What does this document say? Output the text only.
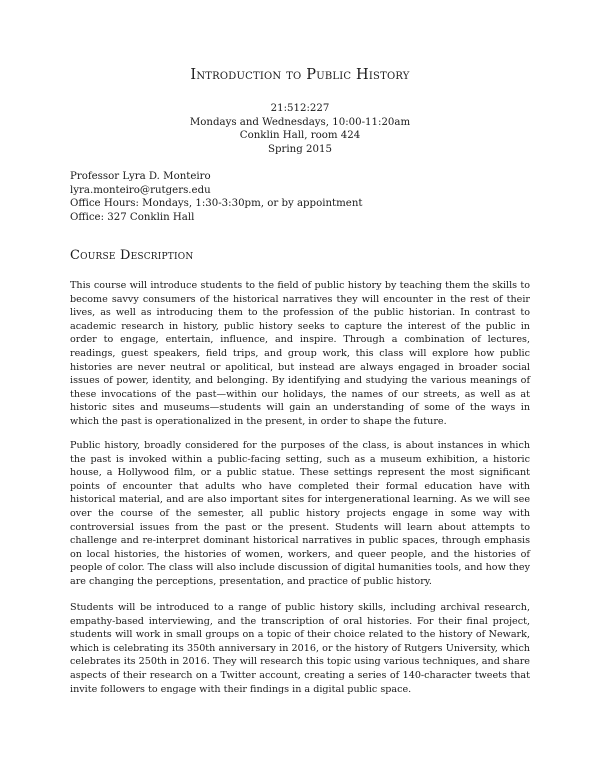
Introduction to Public History
21:512:227
Mondays and Wednesdays, 10:00-11:20am
Conklin Hall, room 424
Spring 2015
Professor Lyra D. Monteiro
lyra.monteiro@rutgers.edu
Office Hours: Mondays, 1:30-3:30pm, or by appointment
Office: 327 Conklin Hall
Course Description

This course will introduce students to the field of public history by teaching them the skills to become savvy consumers of the historical narratives they will encounter in the rest of their lives, as well as introducing them to the profession of the public historian. In contrast to academic research in history, public history seeks to capture the interest of the public in order to engage, entertain, influence, and inspire. Through a combination of lectures, readings, guest speakers, field trips, and group work, this class will explore how public histories are never neutral or apolitical, but instead are always engaged in broader social issues of power, identity, and belonging. By identifying and studying the various meanings of these invocations of the past—within our holidays, the names of our streets, as well as at historic sites and museums—students will gain an understanding of some of the ways in which the past is operationalized in the present, in order to shape the future.

Public history, broadly considered for the purposes of the class, is about instances in which the past is invoked within a public-facing setting, such as a museum exhibition, a historic house, a Hollywood film, or a public statue. These settings represent the most significant points of encounter that adults who have completed their formal education have with historical material, and are also important sites for intergenerational learning. As we will see over the course of the semester, all public history projects engage in some way with controversial issues from the past or the present. Students will learn about attempts to challenge and re-interpret dominant historical narratives in public spaces, through emphasis on local histories, the histories of women, workers, and queer people, and the histories of people of color. The class will also include discussion of digital humanities tools, and how they are changing the perceptions, presentation, and practice of public history.

Students will be introduced to a range of public history skills, including archival research, empathy-based interviewing, and the transcription of oral histories. For their final project, students will work in small groups on a topic of their choice related to the history of Newark, which is celebrating its 350th anniversary in 2016, or the history of Rutgers University, which celebrates its 250th in 2016. They will research this topic using various techniques, and share aspects of their research on a Twitter account, creating a series of 140-character tweets that invite followers to engage with their findings in a digital public space.
